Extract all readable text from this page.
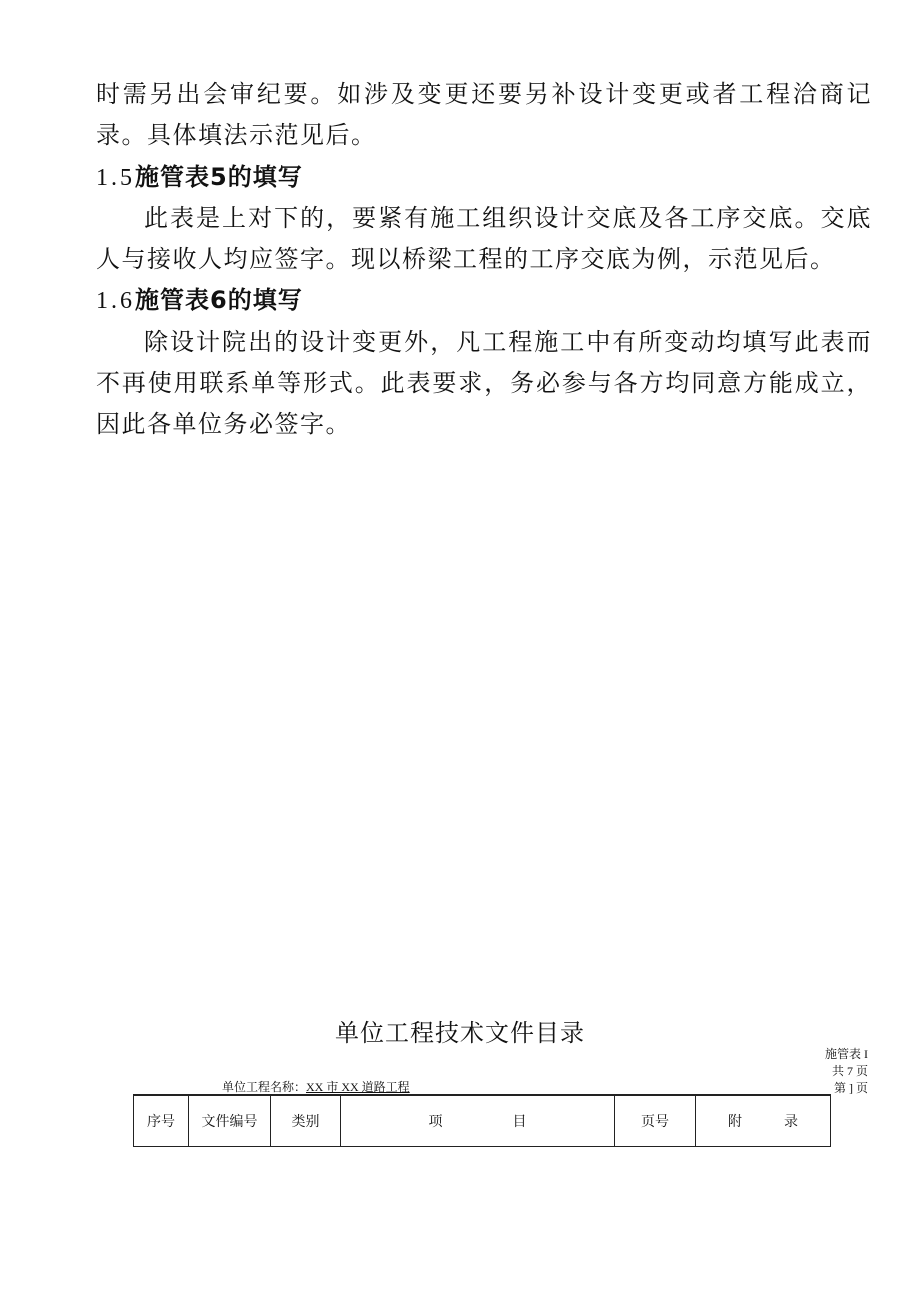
时需另出会审纪要。如涉及变更还要另补设计变更或者工程洽商记录。具体填法示范见后。

1.5施管表5的填写

此表是上对下的，要紧有施工组织设计交底及各工序交底。交底人与接收人均应签字。现以桥梁工程的工序交底为例，示范见后。

1.6施管表6的填写

除设计院出的设计变更外，凡工程施工中有所变动均填写此表而不再使用联系单等形式。此表要求，务必参与各方均同意方能成立，因此各单位务必签字。

单位工程技术文件目录
施管表 I
共 7 页
第 ] 页
单位工程名称：XX 市 XX 道路工程
序号	文件编号	类别	项　　　　　目	页号	附　　　录
